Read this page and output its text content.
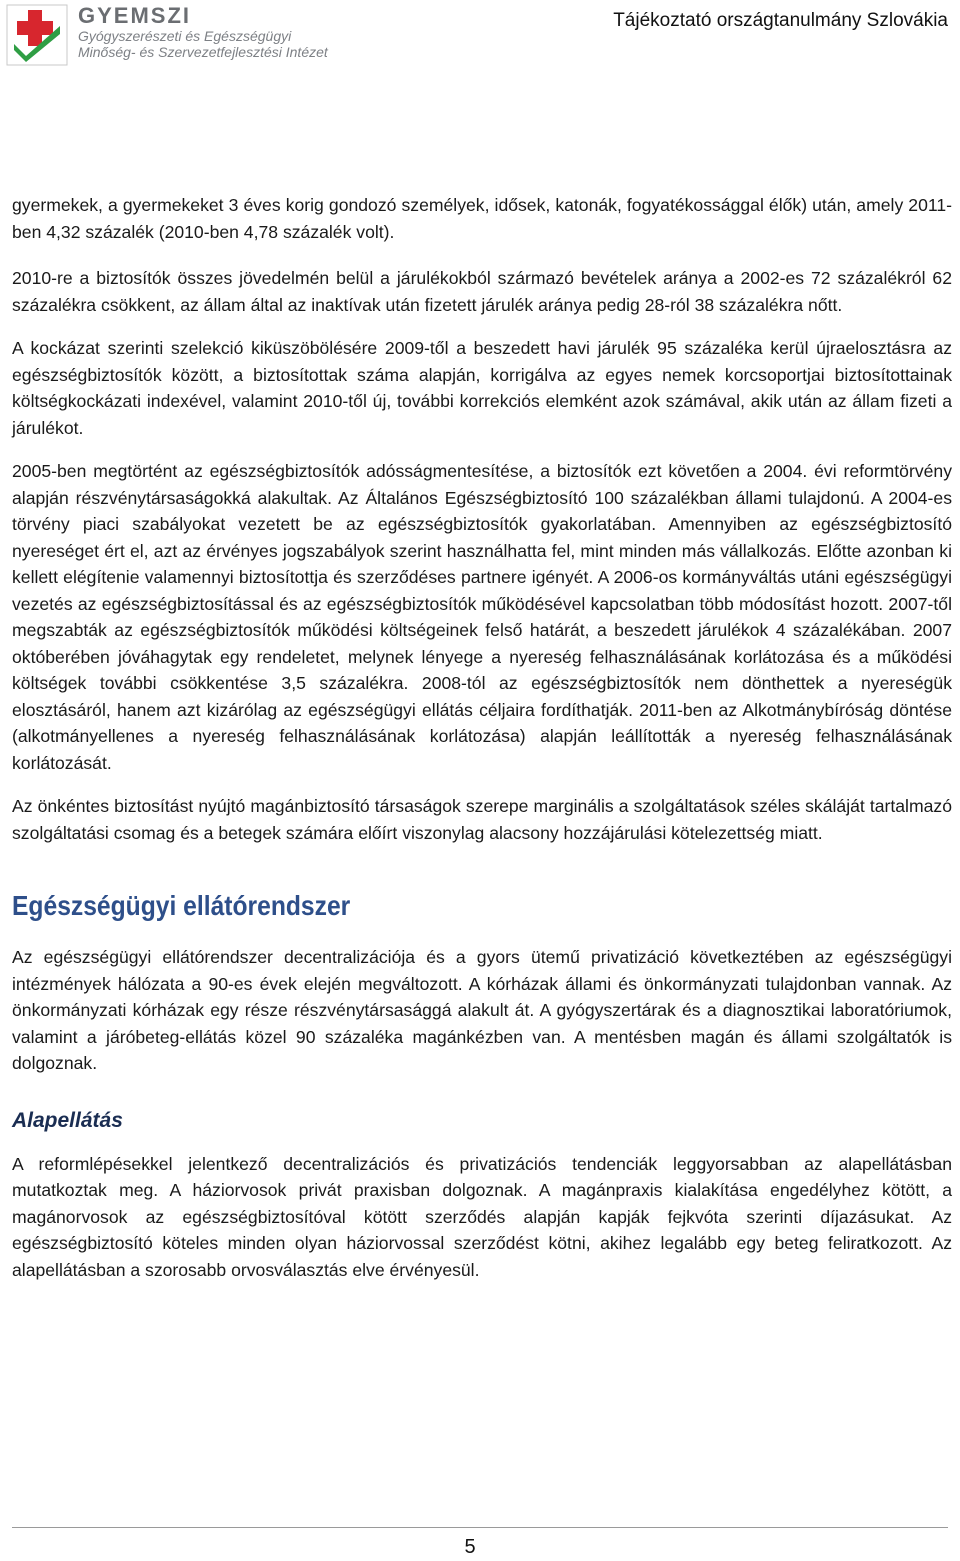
GYEMSZI
Gyógyszerészeti és Egészségügyi
Minőség- és Szervezetfejlesztési Intézet
Tájékoztató országtanulmány Szlovákia

gyermekek, a gyermekeket 3 éves korig gondozó személyek, idősek, katonák, fogyatékossággal élők) után, amely 2011-ben 4,32 százalék (2010-ben 4,78 százalék volt).

2010-re a biztosítók összes jövedelmén belül a járulékokból származó bevételek aránya a 2002-es 72 százalékról 62 százalékra csökkent, az állam által az inaktívak után fizetett járulék aránya pedig 28-ról 38 százalékra nőtt.

A kockázat szerinti szelekció kiküszöbölésére 2009-től a beszedett havi járulék 95 százaléka kerül újraelosztásra az egészségbiztosítók között, a biztosítottak száma alapján, korrigálva az egyes nemek korcsoportjai biztosítottainak költségkockázati indexével, valamint 2010-től új, további korrekciós elemként azok számával, akik után az állam fizeti a járulékot.

2005-ben megtörtént az egészségbiztosítók adósságmentesítése, a biztosítók ezt követően a 2004. évi reformtörvény alapján részvénytársaságokká alakultak. Az Általános Egészségbiztosító 100 százalékban állami tulajdonú. A 2004-es törvény piaci szabályokat vezetett be az egészségbiztosítók gyakorlatában. Amennyiben az egészségbiztosító nyereséget ért el, azt az érvényes jogszabályok szerint használhatta fel, mint minden más vállalkozás. Előtte azonban ki kellett elégítenie valamennyi biztosítottja és szerződéses partnere igényét. A 2006-os kormányváltás utáni egészségügyi vezetés az egészségbiztosítással és az egészségbiztosítók működésével kapcsolatban több módosítást hozott. 2007-től megszabták az egészségbiztosítók működési költségeinek felső határát, a beszedett járulékok 4 százalékában. 2007 októberében jóváhagytak egy rendeletet, melynek lényege a nyereség felhasználásának korlátozása és a működési költségek további csökkentése 3,5 százalékra. 2008-tól az egészségbiztosítók nem dönthettek a nyereségük elosztásáról, hanem azt kizárólag az egészségügyi ellátás céljaira fordíthatják. 2011-ben az Alkotmánybíróság döntése (alkotmányellenes a nyereség felhasználásának korlátozása) alapján leállították a nyereség felhasználásának korlátozását.

Az önkéntes biztosítást nyújtó magánbiztosító társaságok szerepe marginális a szolgáltatások széles skáláját tartalmazó szolgáltatási csomag és a betegek számára előírt viszonylag alacsony hozzájárulási kötelezettség miatt.

Egészségügyi ellátórendszer

Az egészségügyi ellátórendszer decentralizációja és a gyors ütemű privatizáció következtében az egészségügyi intézmények hálózata a 90-es évek elején megváltozott. A kórházak állami és önkormányzati tulajdonban vannak. Az önkormányzati kórházak egy része részvénytársasággá alakult át. A gyógyszertárak és a diagnosztikai laboratóriumok, valamint a járóbeteg-ellátás közel 90 százaléka magánkézben van. A mentésben magán és állami szolgáltatók is dolgoznak.

Alapellátás

A reformlépésekkel jelentkező decentralizációs és privatizációs tendenciák leggyorsabban az alapellátásban mutatkoztak meg. A háziorvosok privát praxisban dolgoznak. A magánpraxis kialakítása engedélyhez kötött, a magánorvosok az egészségbiztosítóval kötött szerződés alapján kapják fejkvóta szerinti díjazásukat. Az egészségbiztosító köteles minden olyan háziorvossal szerződést kötni, akihez legalább egy beteg feliratkozott. Az alapellátásban a szorosabb orvosválasztás elve érvényesül.

5
